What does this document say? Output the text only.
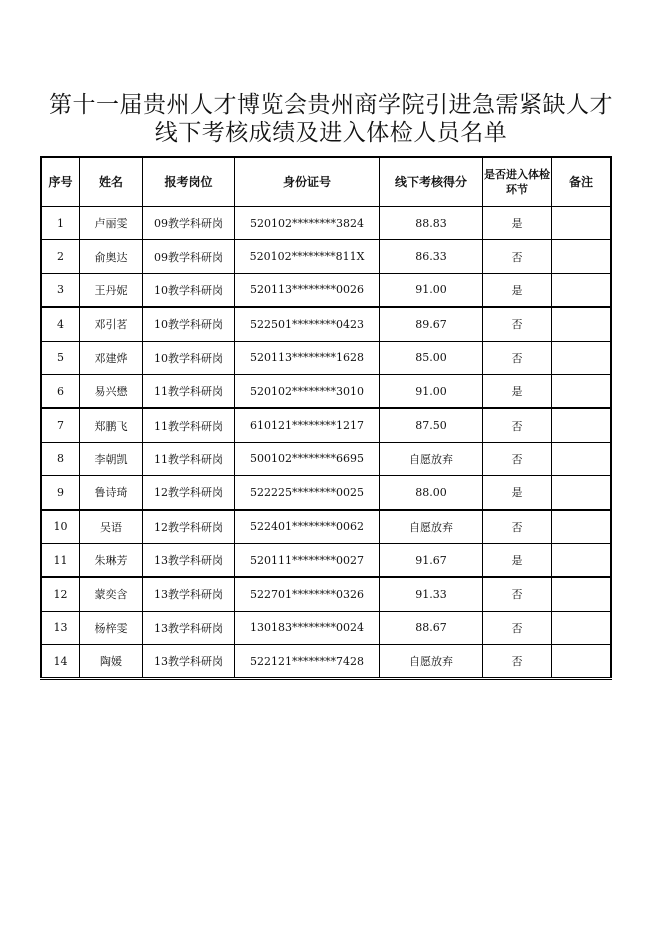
第十一届贵州人才博览会贵州商学院引进急需紧缺人才
线下考核成绩及进入体检人员名单
序号	姓名	报考岗位	身份证号	线下考核得分	是否进入体检环节	备注
1	卢丽雯	09教学科研岗	520102********3824	88.83	是	
2	俞奥达	09教学科研岗	520102********811X	86.33	否	
3	王丹妮	10教学科研岗	520113********0026	91.00	是	
4	邓引茗	10教学科研岗	522501********0423	89.67	否	
5	邓建烨	10教学科研岗	520113********1628	85.00	否	
6	易兴懋	11教学科研岗	520102********3010	91.00	是	
7	郑鹏飞	11教学科研岗	610121********1217	87.50	否	
8	李朝凯	11教学科研岗	500102********6695	自愿放弃	否	
9	鲁诗琦	12教学科研岗	522225********0025	88.00	是	
10	吴语	12教学科研岗	522401********0062	自愿放弃	否	
11	朱琳芳	13教学科研岗	520111********0027	91.67	是	
12	蒙奕含	13教学科研岗	522701********0326	91.33	否	
13	杨梓雯	13教学科研岗	130183********0024	88.67	否	
14	陶媛	13教学科研岗	522121********7428	自愿放弃	否	
